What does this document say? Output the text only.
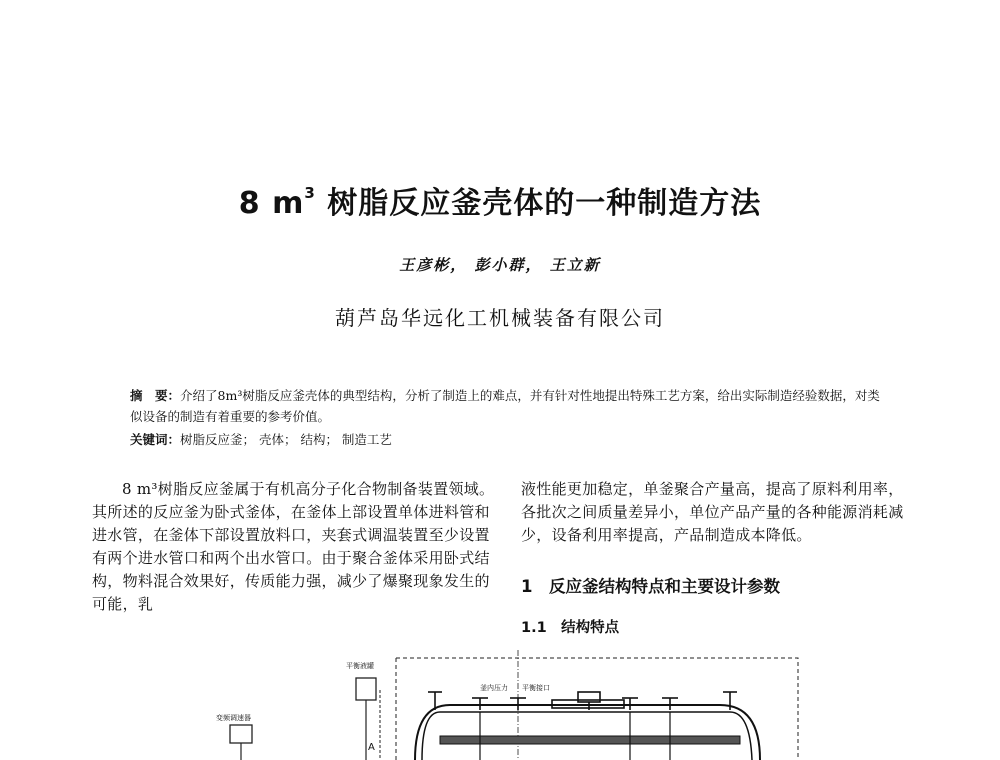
8 $m^3$ 树脂反应釜壳体的一种制造方法
王彦彬， 彭小群， 王立新
葫芦岛华远化工机械装备有限公司
摘　要：介绍了8m³树脂反应釜壳体的典型结构，分析了制造上的难点，并有针对性地提出特殊工艺方案，给出实际制造经验数据，对类似设备的制造有着重要的参考价值。
关键词：树脂反应釜； 壳体； 结构； 制造工艺

8 m³树脂反应釜属于有机高分子化合物制备装置领域。其所述的反应釜为卧式釜体，在釜体上部设置单体进料管和进水管，在釜体下部设置放料口，夹套式调温装置至少设置有两个进水管口和两个出水管口。由于聚合釜体采用卧式结构，物料混合效果好，传质能力强，减少了爆聚现象发生的可能，乳

液性能更加稳定，单釜聚合产量高，提高了原料利用率，各批次之间质量差异小，单位产品产量的各种能源消耗减少，设备利用率提高，产品制造成本降低。

1　反应釜结构特点和主要设计参数
1.1　结构特点
平衡液罐
A
变频调速器
釜内压力 平衡接口
